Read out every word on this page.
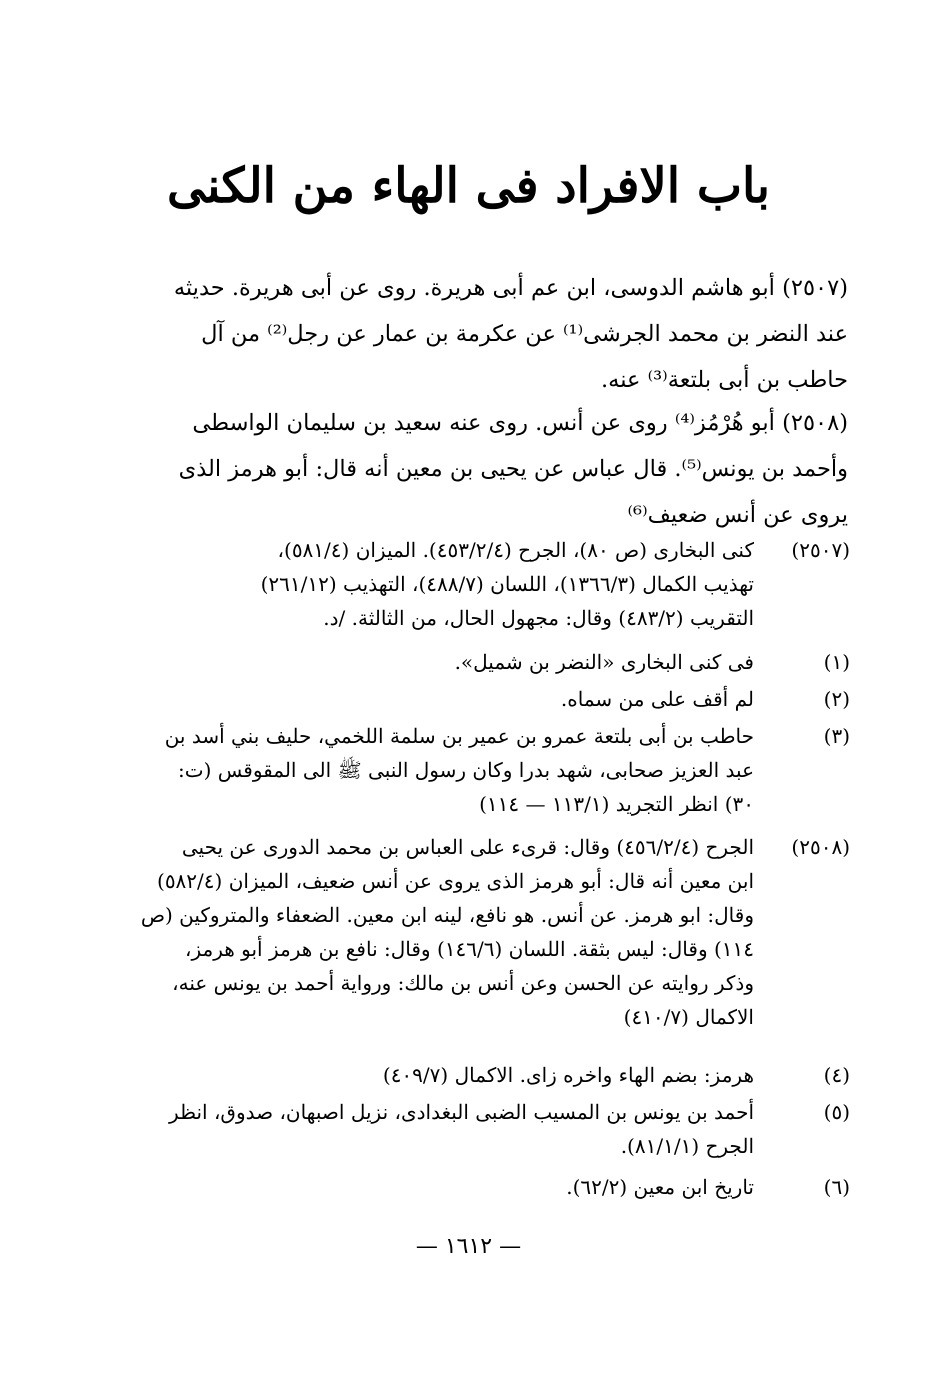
باب الافراد فى الهاء من الكنى
(٢٥٠٧) أبو هاشم الدوسى، ابن عم أبى هريرة. روى عن أبى هريرة. حديثه
عند النضر بن محمد الجرشى⁽¹⁾ عن عكرمة بن عمار عن رجل⁽²⁾ من آل
حاطب بن أبى بلتعة⁽³⁾ عنه.
(٢٥٠٨) أبو هُرْمُز⁽⁴⁾ روى عن أنس. روى عنه سعيد بن سليمان الواسطى
وأحمد بن يونس⁽⁵⁾. قال عباس عن يحيى بن معين أنه قال: أبو هرمز الذى
يروى عن أنس ضعيف⁽⁶⁾
(٢٥٠٧)
كنى البخارى (ص ٨٠)، الجرح (٤٥٣/٢/٤). الميزان (٥٨١/٤)،
تهذيب الكمال (١٣٦٦/٣)، اللسان (٤٨٨/٧)، التهذيب (٢٦١/١٢)
التقريب (٤٨٣/٢) وقال: مجهول الحال، من الثالثة. /د.
(١)
فى كنى البخارى «النضر بن شميل».
(٢)
لم أقف على من سماه.
(٣)
حاطب بن أبى بلتعة عمرو بن عمير بن سلمة اللخمي، حليف بني أسد بن
عبد العزيز صحابى، شهد بدرا وكان رسول النبى ﷺ الى المقوقس (ت:
٣٠) انظر التجريد (١١٣/١ — ١١٤)
(٢٥٠٨)
الجرح (٤٥٦/٢/٤) وقال: قرىء على العباس بن محمد الدورى عن يحيى
ابن معين أنه قال: أبو هرمز الذى يروى عن أنس ضعيف، الميزان (٥٨٢/٤)
وقال: ابو هرمز. عن أنس. هو نافع، لينه ابن معين. الضعفاء والمتروكين (ص
١١٤) وقال: ليس بثقة. اللسان (١٤٦/٦) وقال: نافع بن هرمز أبو هرمز،
وذكر روايته عن الحسن وعن أنس بن مالك: ورواية أحمد بن يونس عنه،
الاكمال (٤١٠/٧)
(٤)
هرمز: بضم الهاء واخره زاى. الاكمال (٤٠٩/٧)
(٥)
أحمد بن يونس بن المسيب الضبى البغدادى، نزيل اصبهان، صدوق، انظر
الجرح (٨١/١/١).
(٦)
تاريخ ابن معين (٦٢/٢).
— ١٦١٢ —
